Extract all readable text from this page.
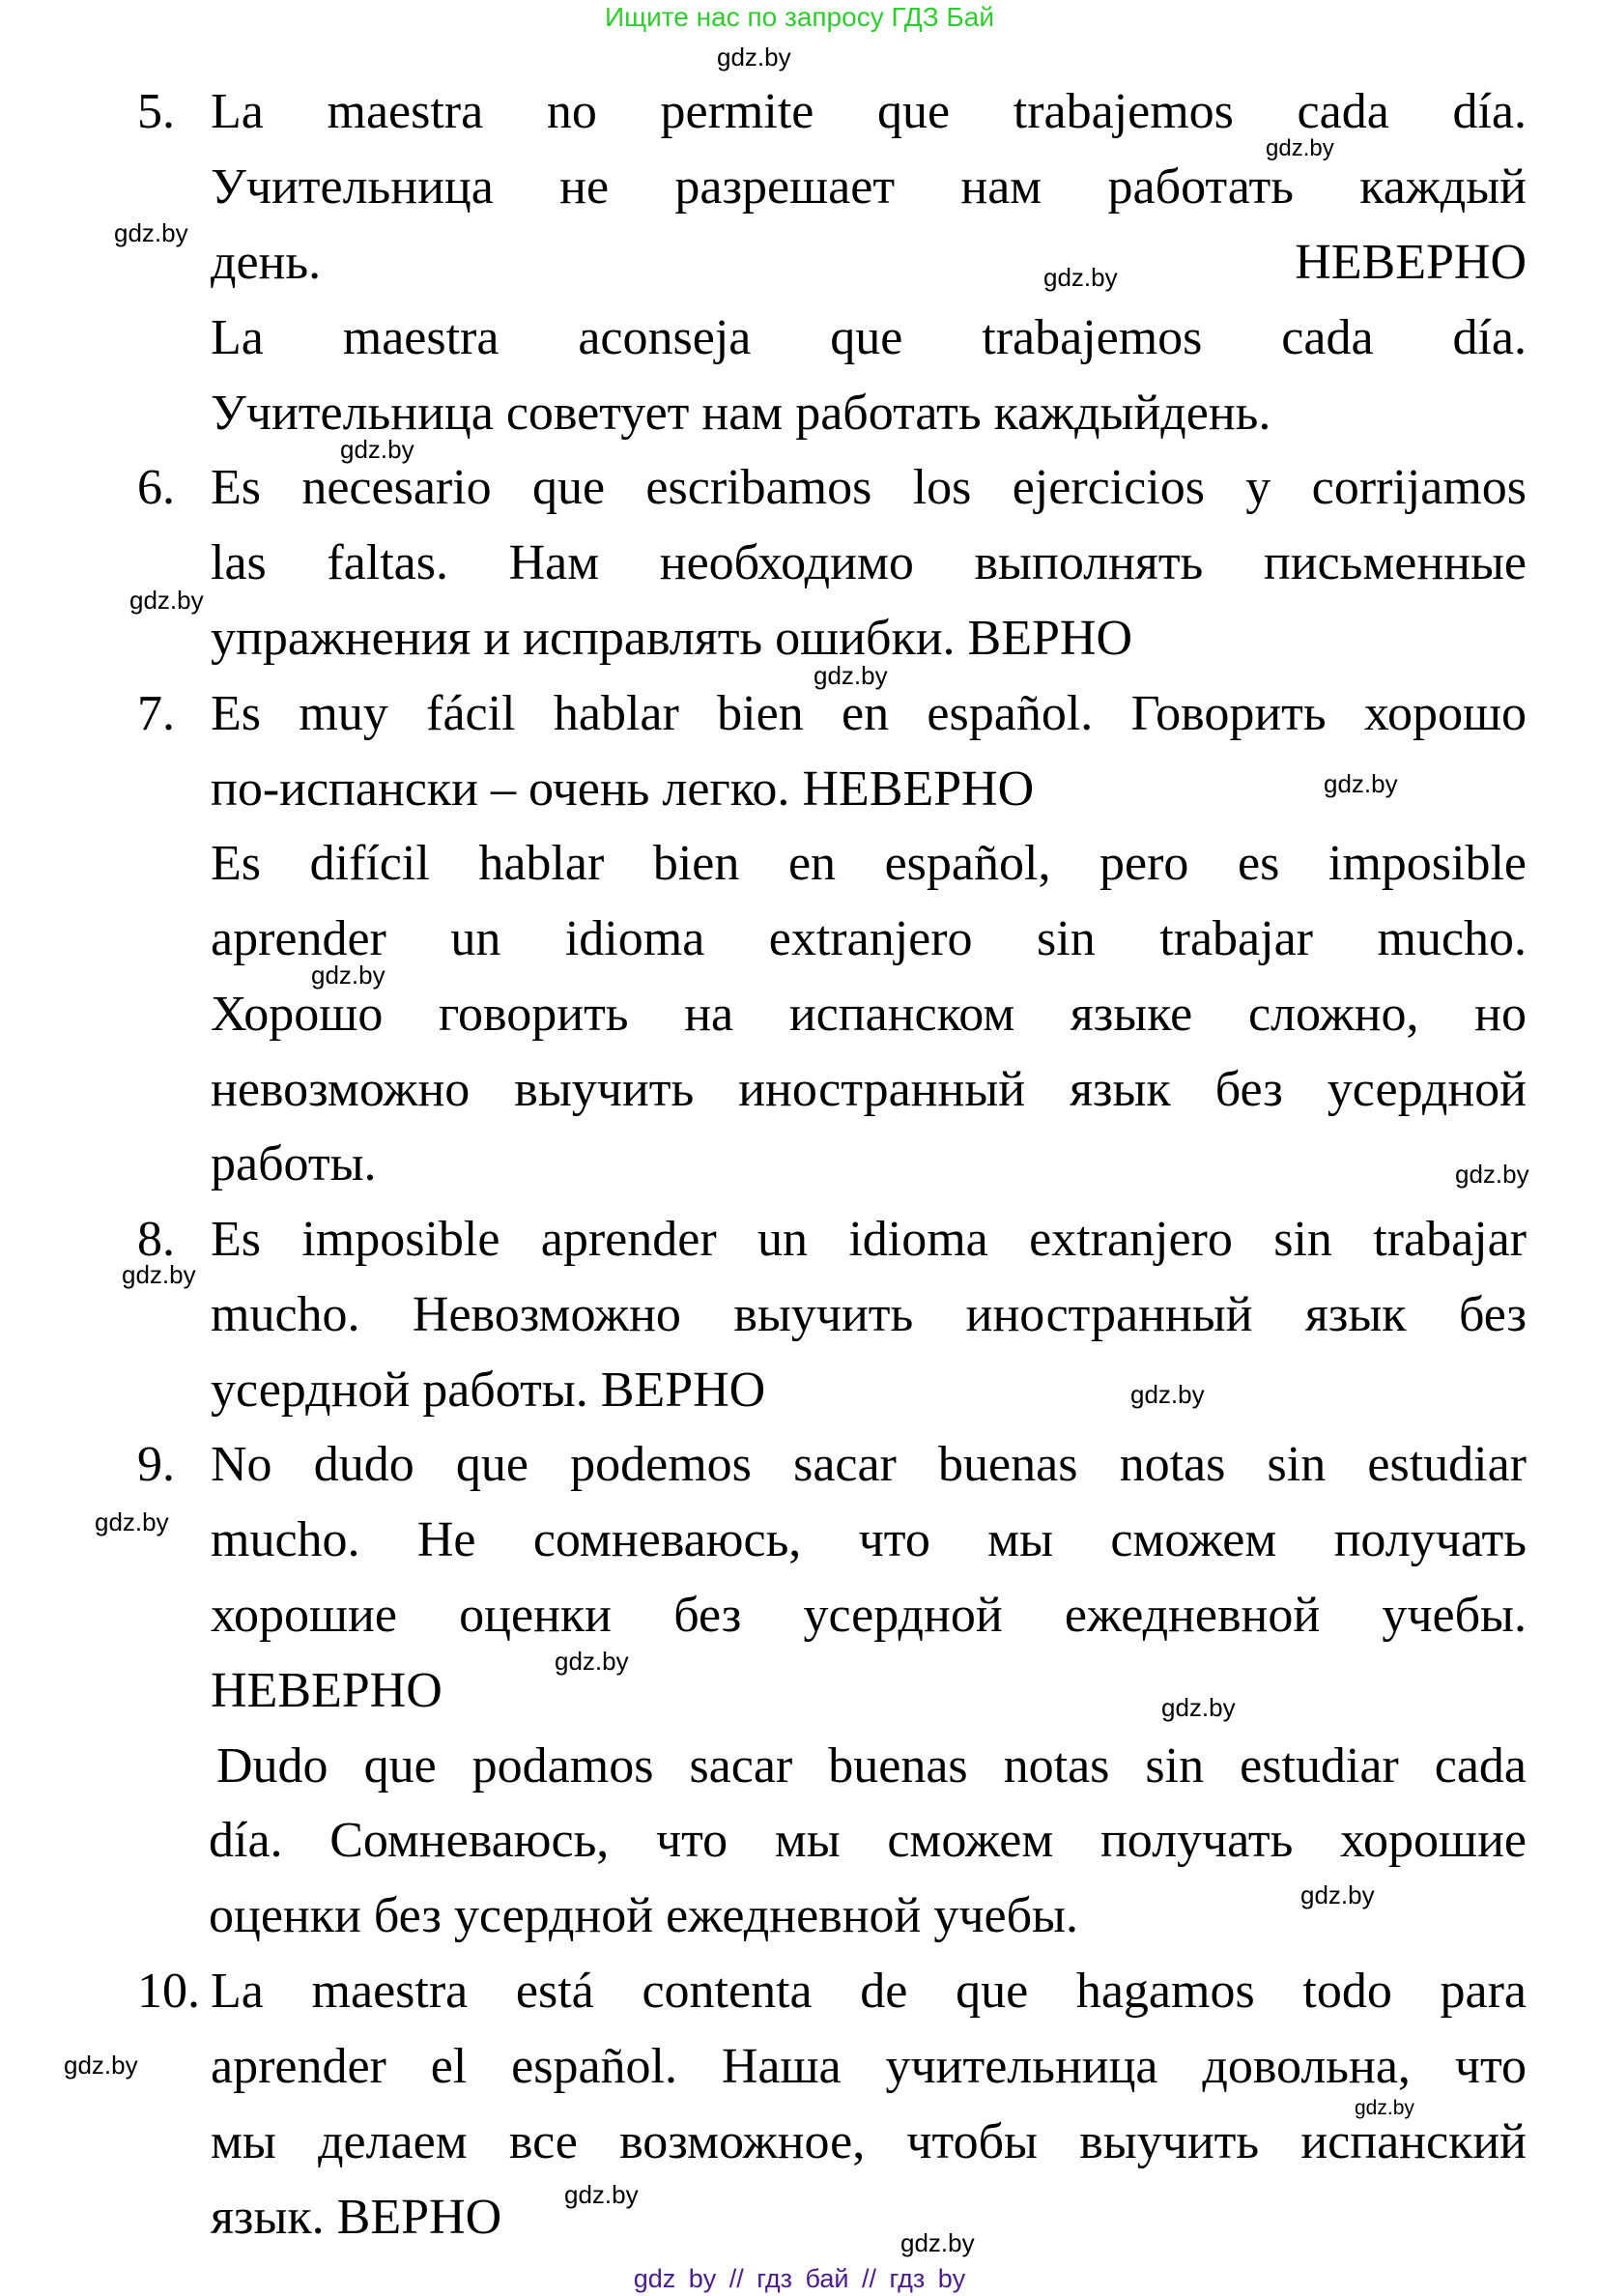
Ищите нас по запросу ГДЗ Бай
gdz.by
5. La maestra no permite que trabajemos cada día.
gdz.by
Учительница не разрешает нам работать каждый
gdz.by
день.	НЕВЕРНО
gdz.by
La maestra aconseja que trabajemos cada día.
Учительница советует нам работать каждыйдень.
gdz.by
6. Es necesario que escribamos los ejercicios y corrijamos
las faltas. Нам необходимо выполнять письменные
gdz.by
упражнения и исправлять ошибки. ВЕРНО
gdz.by
7. Es muy fácil hablar bien en español. Говорить хорошо
по-испански – очень легко. НЕВЕРНО	gdz.by
Es difícil hablar bien en español, pero es imposible
aprender un idioma extranjero sin trabajar mucho.
gdz.by
Хорошо говорить на испанском языке сложно, но
невозможно выучить иностранный язык без усердной
работы.	gdz.by
8. Es imposible aprender un idioma extranjero sin trabajar
gdz.by
mucho. Невозможно выучить иностранный язык без
усердной работы. ВЕРНО	gdz.by
9. No dudo que podemos sacar buenas notas sin estudiar
gdz.by mucho. Не сомневаюсь, что мы сможем получать
хорошие оценки без усердной ежедневной учебы.
gdz.by
НЕВЕРНО	gdz.by
Dudo que podamos sacar buenas notas sin estudiar cada
día. Сомневаюсь, что мы сможем получать хорошие
оценки без усердной ежедневной учебы.	gdz.by
10. La maestra está contenta de que hagamos todo para
gdz.by aprender el español. Наша учительница довольна, что
gdz.by
мы делаем все возможное, чтобы выучить испанский
язык. ВЕРНО	gdz.by
gdz.by
gdz by // гдз бай // гдз by
